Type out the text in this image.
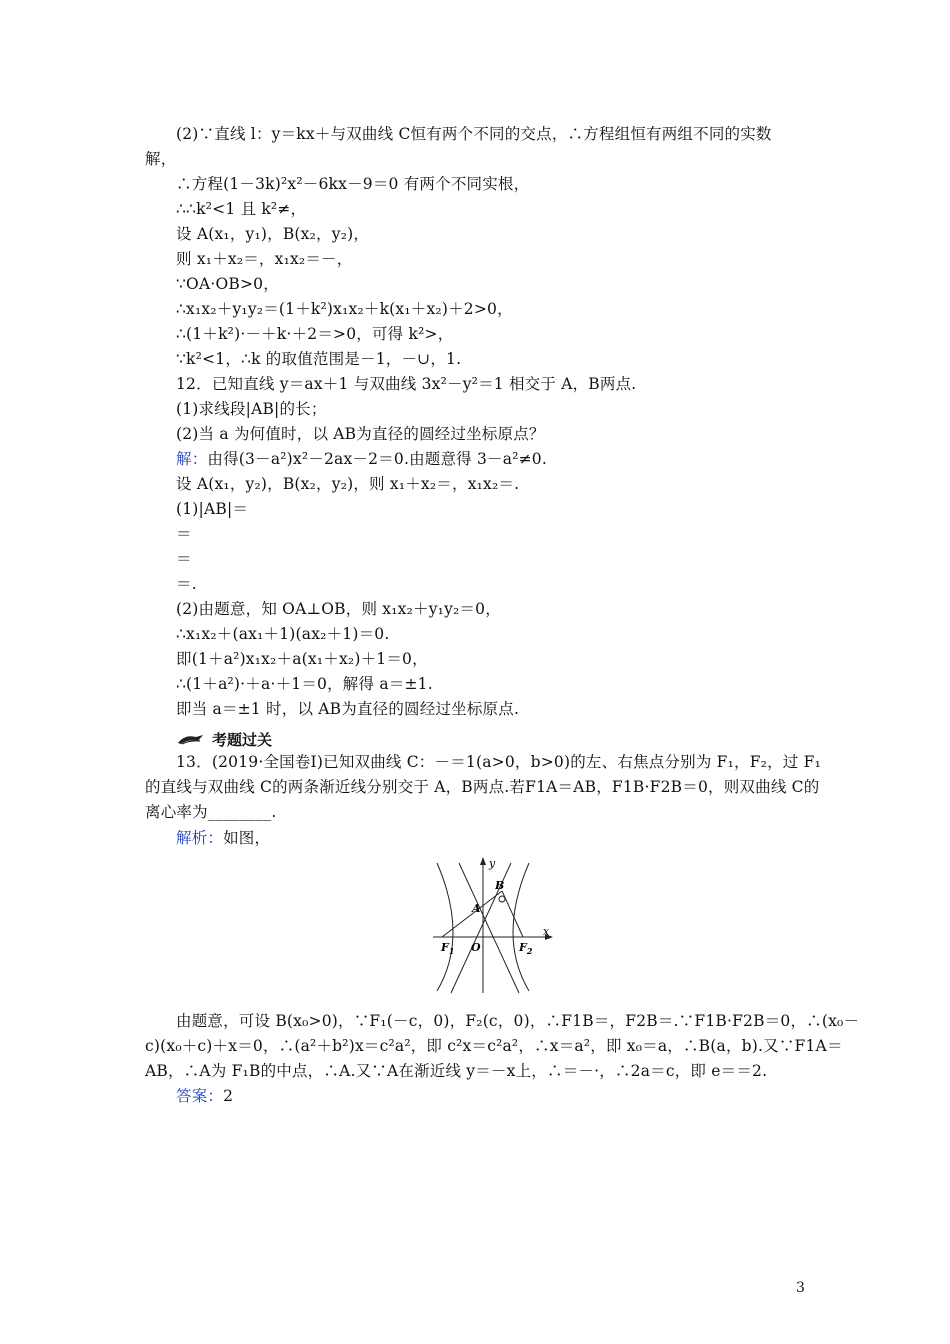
(2)∵直线 l：y＝kx＋与双曲线 C恒有两个不同的交点，∴方程组恒有两组不同的实数
解，
∴方程(1－3k)²x²－6kx－9＝0 有两个不同实根，
∴∴k²<1 且 k²≠，
设 A(x₁，y₁)，B(x₂，y₂)，
则 x₁＋x₂＝，x₁x₂＝－，
∵OA·OB>0，
∴x₁x₂＋y₁y₂＝(1＋k²)x₁x₂＋k(x₁＋x₂)＋2>0，
∴(1＋k²)·－＋k·＋2＝>0，可得 k²>，
∵k²<1，∴k 的取值范围是－1，－∪，1.
12．已知直线 y＝ax＋1 与双曲线 3x²－y²＝1 相交于 A，B两点.
(1)求线段|AB|的长；
(2)当 a 为何值时，以 AB为直径的圆经过坐标原点？
解：由得(3－a²)x²－2ax－2＝0.由题意得 3－a²≠0.
设 A(x₁，y₂)，B(x₂，y₂)，则 x₁＋x₂＝，x₁x₂＝.
(1)|AB|＝
＝
＝
＝.
(2)由题意，知 OA⊥OB，则 x₁x₂＋y₁y₂＝0，
∴x₁x₂＋(ax₁＋1)(ax₂＋1)＝0.
即(1＋a²)x₁x₂＋a(x₁＋x₂)＋1＝0，
∴(1＋a²)·＋a·＋1＝0，解得 a＝±1.
即当 a＝±1 时，以 AB为直径的圆经过坐标原点.
考题过关
13．(2019·全国卷Ⅰ)已知双曲线 C：－＝1(a>0，b>0)的左、右焦点分别为 F₁，F₂，过 F₁
的直线与双曲线 C的两条渐近线分别交于 A，B两点.若F1A＝AB，F1B·F2B＝0，则双曲线 C的
离心率为________.
解析：如图，
y
x
B
A
O
$F_1$	$F_2$
由题意，可设 B(x₀>0)，∵F₁(－c，0)，F₂(c，0)，∴F1B＝，F2B＝.∵F1B·F2B＝0，∴(x₀－
c)(x₀＋c)＋x＝0，∴(a²＋b²)x＝c²a²，即 c²x＝c²a²，∴x＝a²，即 x₀＝a，∴B(a，b).又∵F1A＝
AB，∴A为 F₁B的中点，∴A.又∵A在渐近线 y＝－x上，∴＝－·，∴2a＝c，即 e＝＝2.
答案：2
3
